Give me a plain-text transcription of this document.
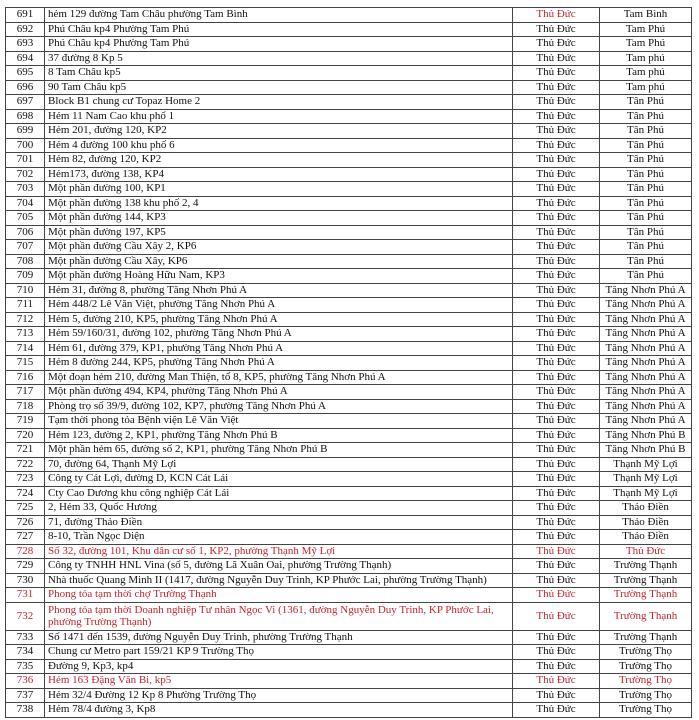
691	hẻm 129 đường Tam Châu phường Tam Bình	Thủ Đức	Tam Bình
692	Phú Châu kp4 Phường Tam Phú	Thủ Đức	Tam Phú
693	Phú Châu kp4 Phường Tam Phú	Thủ Đức	Tam Phú
694	37 đường 8 Kp 5	Thủ Đức	Tam phú
695	8 Tam Châu kp5	Thủ Đức	Tam phú
696	90 Tam Châu kp5	Thủ Đức	Tam phú
697	Block B1 chung cư Topaz Home 2	Thủ Đức	Tân Phú
698	Hẻm 11 Nam Cao khu phố 1	Thủ Đức	Tân Phú
699	Hẻm 201, đường 120, KP2	Thủ Đức	Tân Phú
700	Hẻm 4 đường 100 khu phố 6	Thủ Đức	Tân Phú
701	Hẻm 82, đường 120, KP2	Thủ Đức	Tân Phú
702	Hẻm173, đường 138, KP4	Thủ Đức	Tân Phú
703	Một phần đường 100, KP1	Thủ Đức	Tân Phú
704	Một phần đường 138 khu phố 2, 4	Thủ Đức	Tân Phú
705	Một phần đường 144, KP3	Thủ Đức	Tân Phú
706	Một phần đường 197, KP5	Thủ Đức	Tân Phú
707	Một phần đường Cầu Xây 2, KP6	Thủ Đức	Tân Phú
708	Một phần đường Cầu Xây, KP6	Thủ Đức	Tân Phú
709	Một phần đường Hoàng Hữu Nam, KP3	Thủ Đức	Tân Phú
710	Hẻm 31, đường 8, phường Tăng Nhơn Phú A	Thủ Đức	Tăng Nhơn Phú A
711	Hẻm 448/2 Lê Văn Việt, phường Tăng Nhơn Phú A	Thủ Đức	Tăng Nhơn Phú A
712	Hẻm 5, đường 210, KP5, phường Tăng Nhơn Phú A	Thủ Đức	Tăng Nhơn Phú A
713	Hẻm 59/160/31, đường 102, phường Tăng Nhơn Phú A	Thủ Đức	Tăng Nhơn Phú A
714	Hẻm 61, đường 379, KP1, phường Tăng Nhơn Phú A	Thủ Đức	Tăng Nhơn Phú A
715	Hẻm 8 đường 244, KP5, phường Tăng Nhơn Phú A	Thủ Đức	Tăng Nhơn Phú A
716	Một đoạn hẻm 210, đường Man Thiện, tổ 8, KP5, phường Tăng Nhơn Phú A	Thủ Đức	Tăng Nhơn Phú A
717	Một phần đường 494, KP4, phường Tăng Nhơn Phú A	Thủ Đức	Tăng Nhơn Phú A
718	Phòng trọ số 39/9, đường 102, KP7, phường Tăng Nhơn Phú A	Thủ Đức	Tăng Nhơn Phú A
719	Tạm thời phong tỏa Bệnh viện Lê Văn Việt	Thủ Đức	Tăng Nhơn Phú A
720	Hẻm 123, đường 2, KP1, phường Tăng Nhơn Phú B	Thủ Đức	Tăng Nhơn Phú B
721	Một phần hẻm 65, đường số 2, KP1, phường Tăng Nhơn Phú B	Thủ Đức	Tăng Nhơn Phú B
722	70, đường 64, Thạnh Mỹ Lợi	Thủ Đức	Thạnh Mỹ Lợi
723	Công ty Cát Lợi, đường D, KCN Cát Lái	Thủ Đức	Thạnh Mỹ Lợi
724	Cty Cao Dương khu công nghiệp Cát Lái	Thủ Đức	Thạnh Mỹ Lợi
725	2, Hẻm 33, Quốc Hương	Thủ Đức	Thảo Điền
726	71, đường Thảo Điền	Thủ Đức	Thảo Điền
727	8-10, Trần Ngọc Diện	Thủ Đức	Thảo Điền
728	Số 32, đường 101, Khu dân cư số 1, KP2, phường Thạnh Mỹ Lợi	Thủ Đức	Thủ Đức
729	Công ty TNHH HNL Vina (số 5, đường Lã Xuân Oai, phường Trường Thạnh)	Thủ Đức	Trường Thạnh
730	Nhà thuốc Quang Minh II (1417, đường Nguyễn Duy Trinh, KP Phước Lai, phường Trường Thạnh)	Thủ Đức	Trường Thạnh
731	Phong tỏa tạm thời chợ Trường Thạnh	Thủ Đức	Trường Thạnh
732	Phong tỏa tạm thời Doanh nghiệp Tư nhân Ngọc Vi (1361, đường Nguyễn Duy Trinh, KP Phước Lai, phường Trường Thạnh)	Thủ Đức	Trường Thạnh
733	Số 1471 đến 1539, đường Nguyễn Duy Trinh, phường Trường Thạnh	Thủ Đức	Trường Thạnh
734	Chung cư Metro part 159/21 KP 9 Trường Thọ	Thủ Đức	Trường Thọ
735	Đường 9, Kp3, kp4	Thủ Đức	Trường Thọ
736	Hẻm 163 Đặng Văn Bi, kp5	Thủ Đức	Trường Thọ
737	Hẻm 32/4 Đường 12 Kp 8 Phường Trường Thọ	Thủ Đức	Trường Thọ
738	Hẻm 78/4 đường 3, Kp8	Thủ Đức	Trường Thọ
